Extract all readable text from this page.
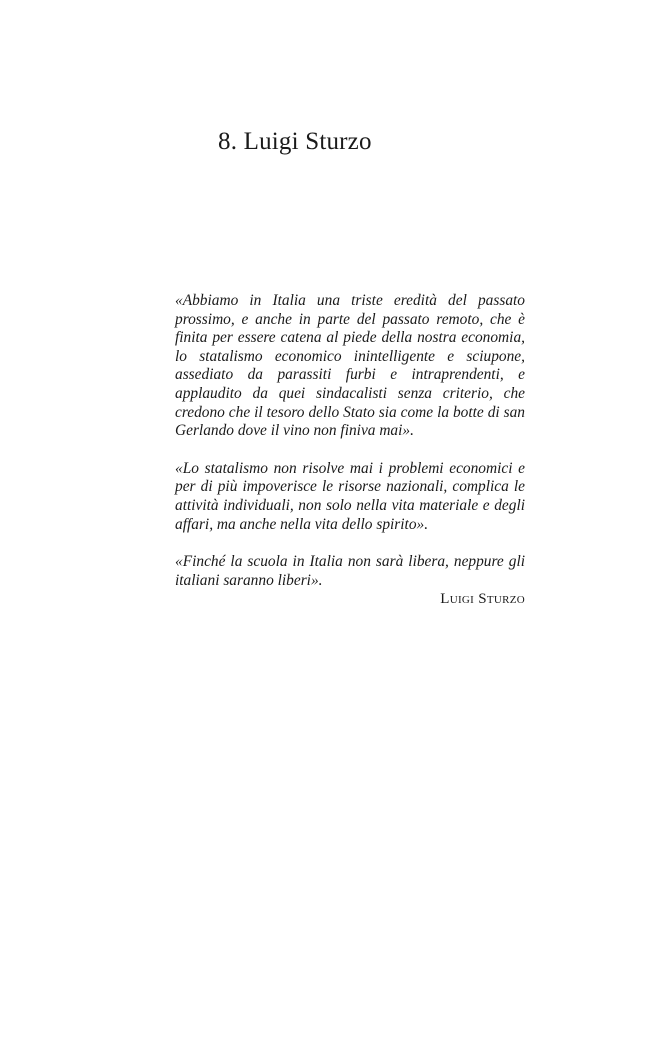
8. Luigi Sturzo

«Abbiamo in Italia una triste eredità del passato prossimo, e anche in parte del passato remoto, che è finita per essere catena al piede della nostra economia, lo statalismo economico inintelligente e sciupone, assediato da parassiti furbi e intraprendenti, e applaudito da quei sindacalisti senza criterio, che credono che il tesoro dello Stato sia come la botte di san Gerlando dove il vino non finiva mai».

«Lo statalismo non risolve mai i problemi economici e per di più impoverisce le risorse nazionali, complica le attività individuali, non solo nella vita materiale e degli affari, ma anche nella vita dello spirito».

«Finché la scuola in Italia non sarà libera, neppure gli italiani saranno liberi».

Luigi Sturzo
